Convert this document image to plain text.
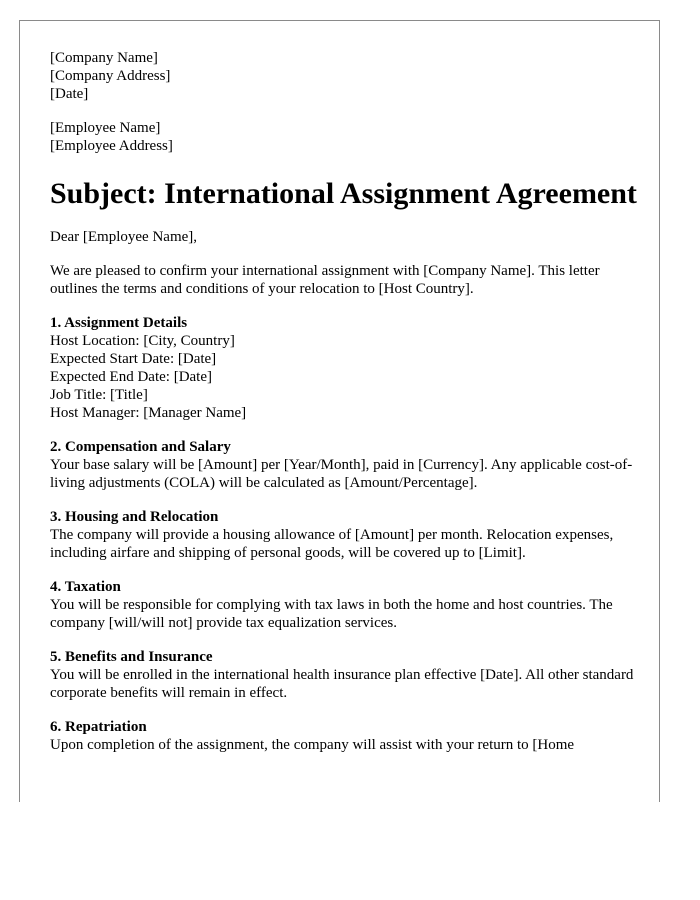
[Company Name]
[Company Address]
[Date]
[Employee Name]
[Employee Address]
Subject: International Assignment Agreement

Dear [Employee Name],

We are pleased to confirm your international assignment with [Company Name]. This letter outlines the terms and conditions of your relocation to [Host Country].

1. Assignment Details
Host Location: [City, Country]
Expected Start Date: [Date]
Expected End Date: [Date]
Job Title: [Title]
Host Manager: [Manager Name]
2. Compensation and Salary

Your base salary will be [Amount] per [Year/Month], paid in [Currency]. Any applicable cost-of-living adjustments (COLA) will be calculated as [Amount/Percentage].

3. Housing and Relocation

The company will provide a housing allowance of [Amount] per month. Relocation expenses, including airfare and shipping of personal goods, will be covered up to [Limit].

4. Taxation

You will be responsible for complying with tax laws in both the home and host countries. The company [will/will not] provide tax equalization services.

5. Benefits and Insurance

You will be enrolled in the international health insurance plan effective [Date]. All other standard corporate benefits will remain in effect.

6. Repatriation

Upon completion of the assignment, the company will assist with your return to [Home
